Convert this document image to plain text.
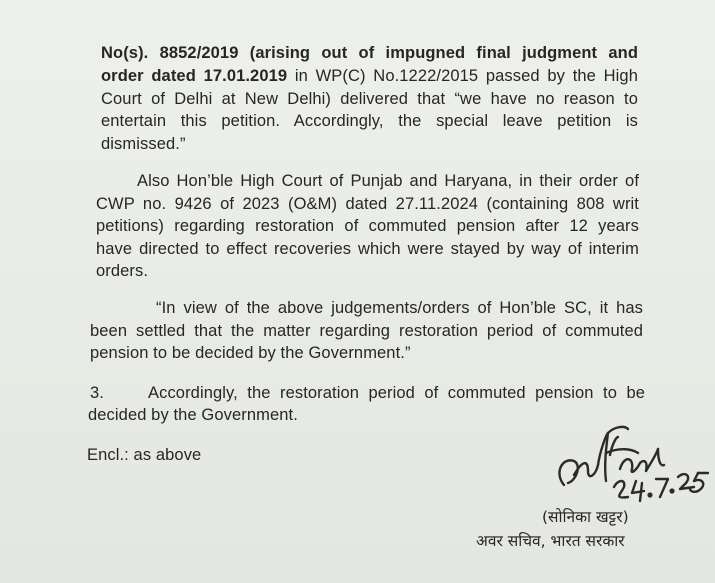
No(s). 8852/2019 (arising out of impugned final judgment and
order dated 17.01.2019 in WP(C) No.1222/2015 passed by the High
Court of Delhi at New Delhi) delivered that “we have no reason to
entertain this petition. Accordingly, the special leave petition is
dismissed.”
Also Hon’ble High Court of Punjab and Haryana, in their order of
CWP no. 9426 of 2023 (O&M) dated 27.11.2024 (containing 808 writ
petitions) regarding restoration of commuted pension after 12 years
have directed to effect recoveries which were stayed by way of interim
orders.
“In view of the above judgements/orders of Hon’ble SC, it has
been settled that the matter regarding restoration period of commuted
pension to be decided by the Government.”
3.	Accordingly, the restoration period of commuted pension to be
decided by the Government.
Encl.: as above
(सोनिका खट्टर)
अवर सचिव, भारत सरकार
